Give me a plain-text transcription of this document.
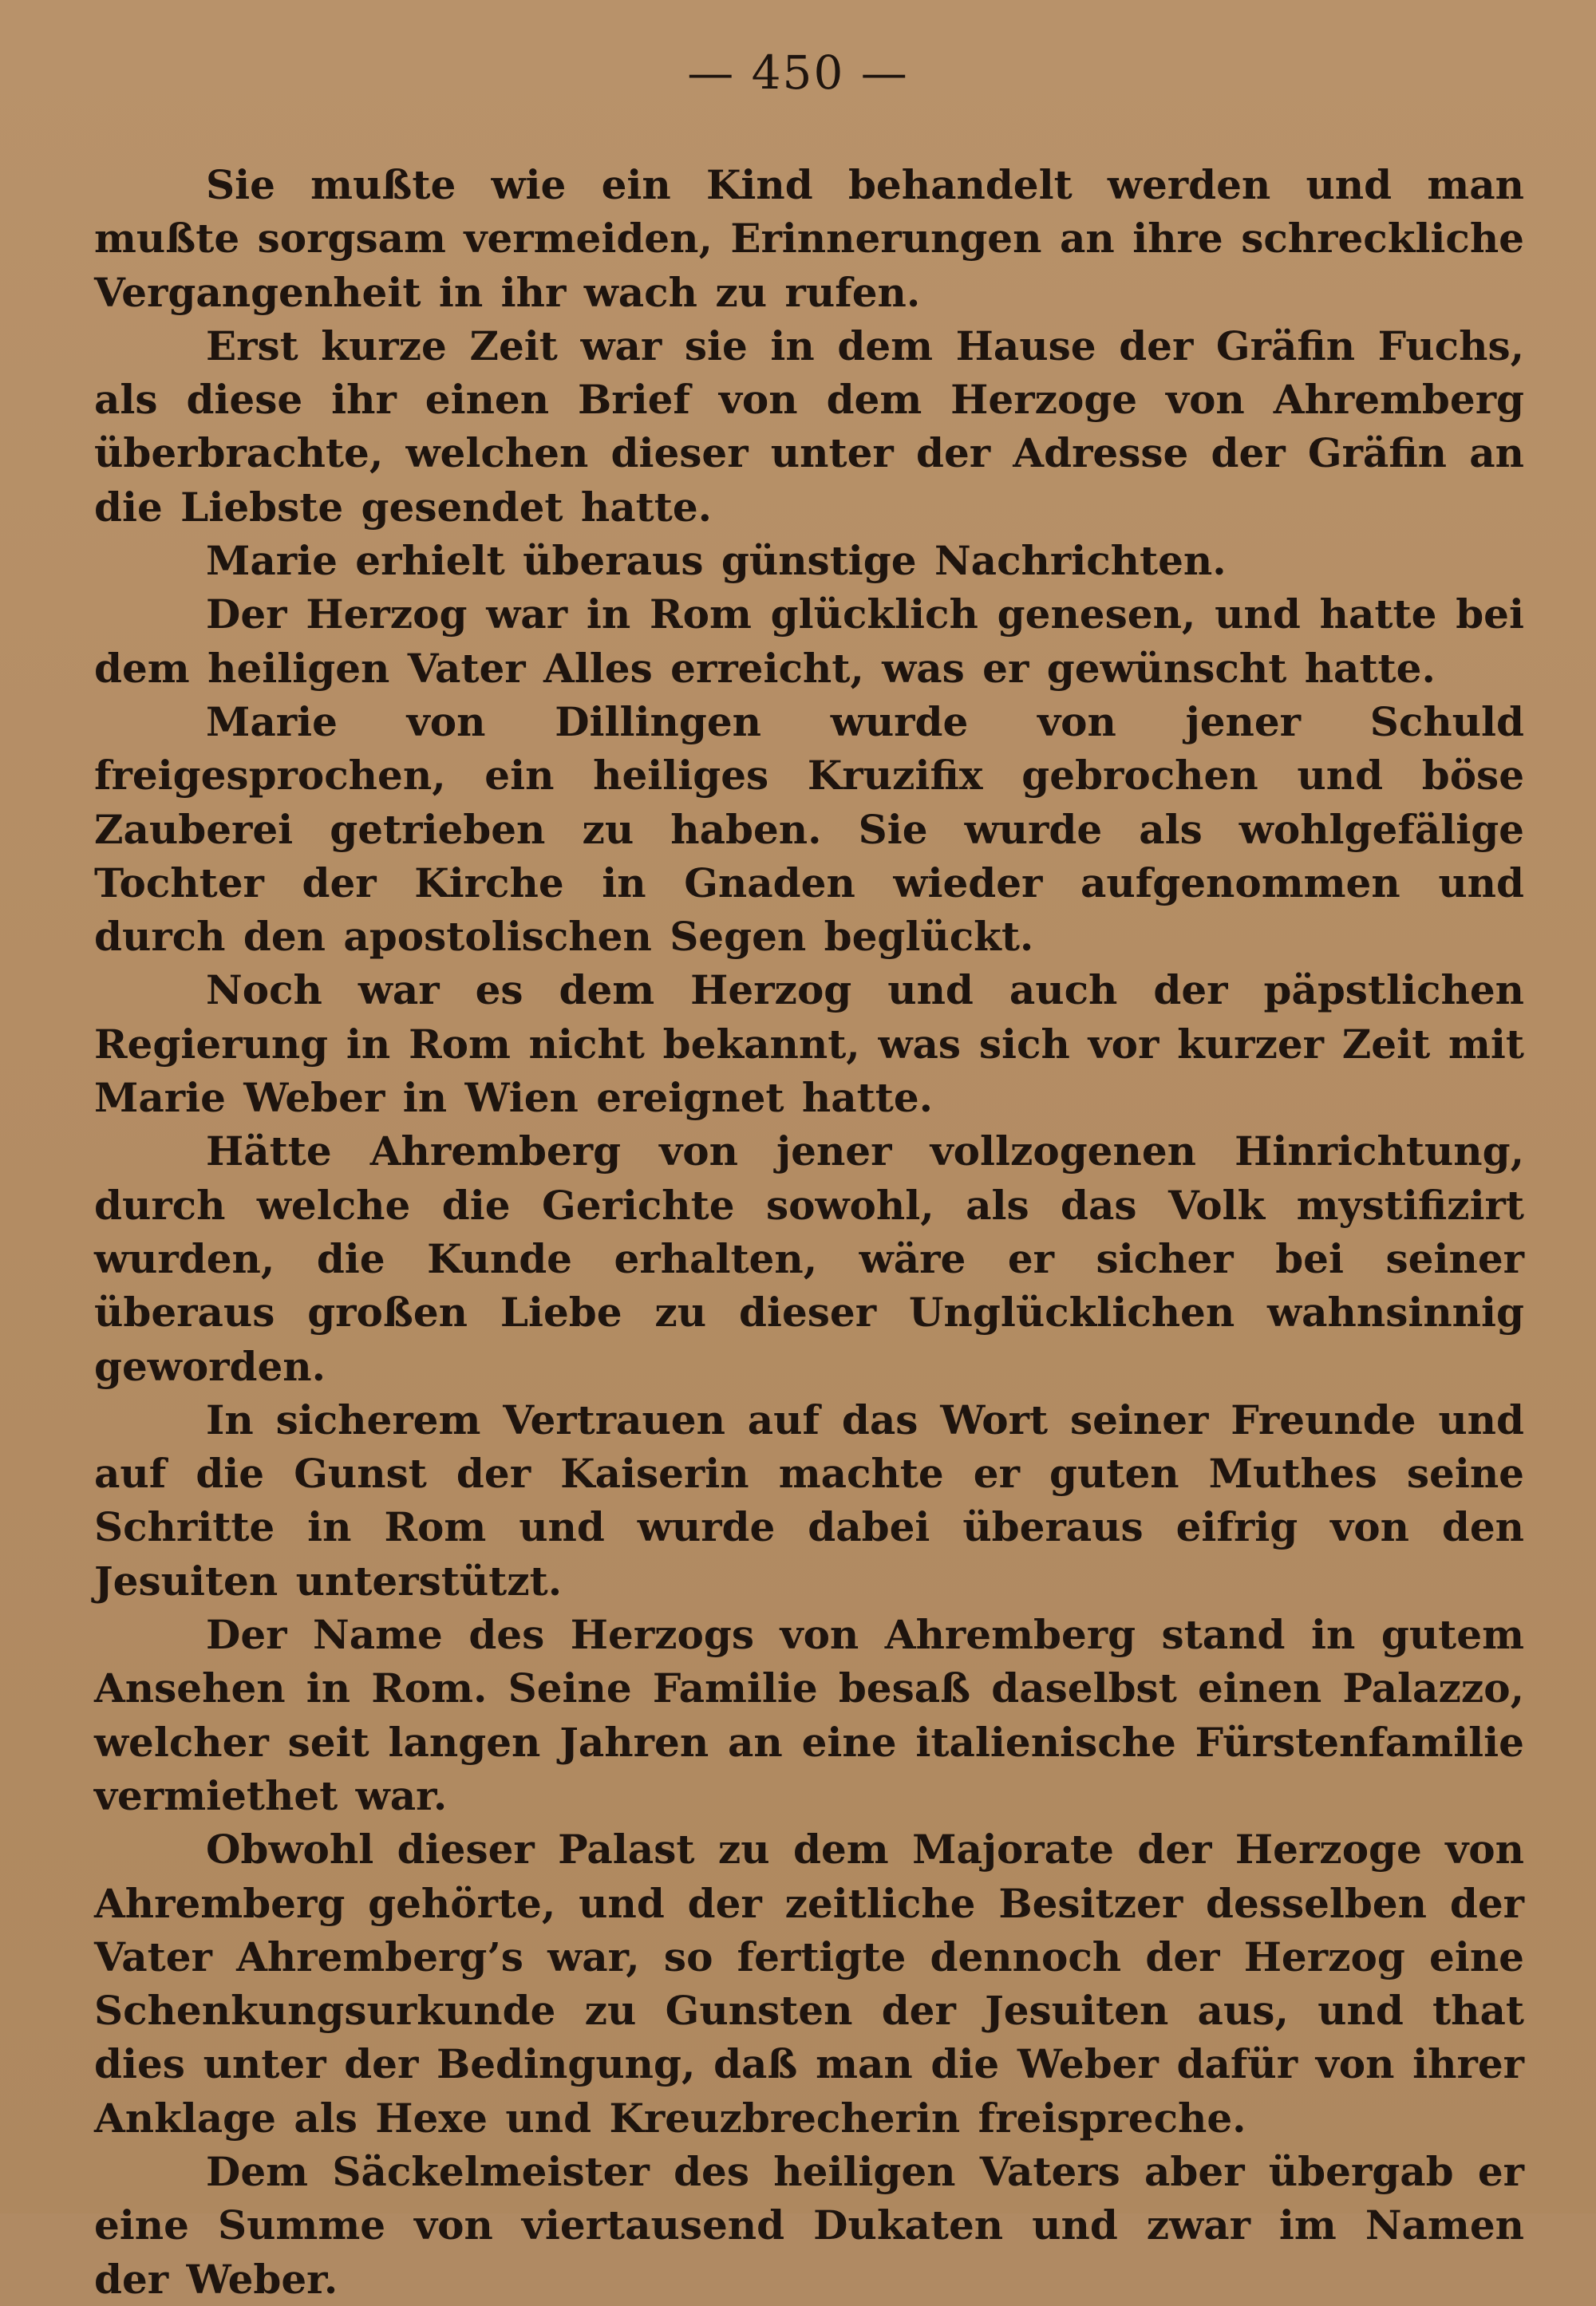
— 450 —

Sie mußte wie ein Kind behandelt werden und man mußte sorgsam vermeiden, Erinnerungen an ihre schreckliche Vergangenheit in ihr wach zu rufen.

Erst kurze Zeit war sie in dem Hause der Gräfin Fuchs, als diese ihr einen Brief von dem Herzoge von Ahremberg überbrachte, welchen dieser unter der Adresse der Gräfin an die Liebste gesendet hatte.

Marie erhielt überaus günstige Nachrichten.

Der Herzog war in Rom glücklich genesen, und hatte bei dem heiligen Vater Alles erreicht, was er gewünscht hatte.

Marie von Dillingen wurde von jener Schuld freigesprochen, ein heiliges Kruzifix gebrochen und böse Zauberei getrieben zu haben. Sie wurde als wohlgefälige Tochter der Kirche in Gnaden wieder aufgenommen und durch den apostolischen Segen beglückt.

Noch war es dem Herzog und auch der päpstlichen Regierung in Rom nicht bekannt, was sich vor kurzer Zeit mit Marie Weber in Wien ereignet hatte.

Hätte Ahremberg von jener vollzogenen Hinrichtung, durch welche die Gerichte sowohl, als das Volk mystifizirt wurden, die Kunde erhalten, wäre er sicher bei seiner überaus großen Liebe zu dieser Unglücklichen wahnsinnig geworden.

In sicherem Vertrauen auf das Wort seiner Freunde und auf die Gunst der Kaiserin machte er guten Muthes seine Schritte in Rom und wurde dabei überaus eifrig von den Jesuiten unterstützt.

Der Name des Herzogs von Ahremberg stand in gutem Ansehen in Rom. Seine Familie besaß daselbst einen Palazzo, welcher seit langen Jahren an eine italienische Fürstenfamilie vermiethet war.

Obwohl dieser Palast zu dem Majorate der Herzoge von Ahremberg gehörte, und der zeitliche Besitzer desselben der Vater Ahremberg’s war, so fertigte dennoch der Herzog eine Schenkungsurkunde zu Gunsten der Jesuiten aus, und that dies unter der Bedingung, daß man die Weber dafür von ihrer Anklage als Hexe und Kreuzbrecherin freispreche.

Dem Säckelmeister des heiligen Vaters aber übergab er eine Summe von viertausend Dukaten und zwar im Namen der Weber.
